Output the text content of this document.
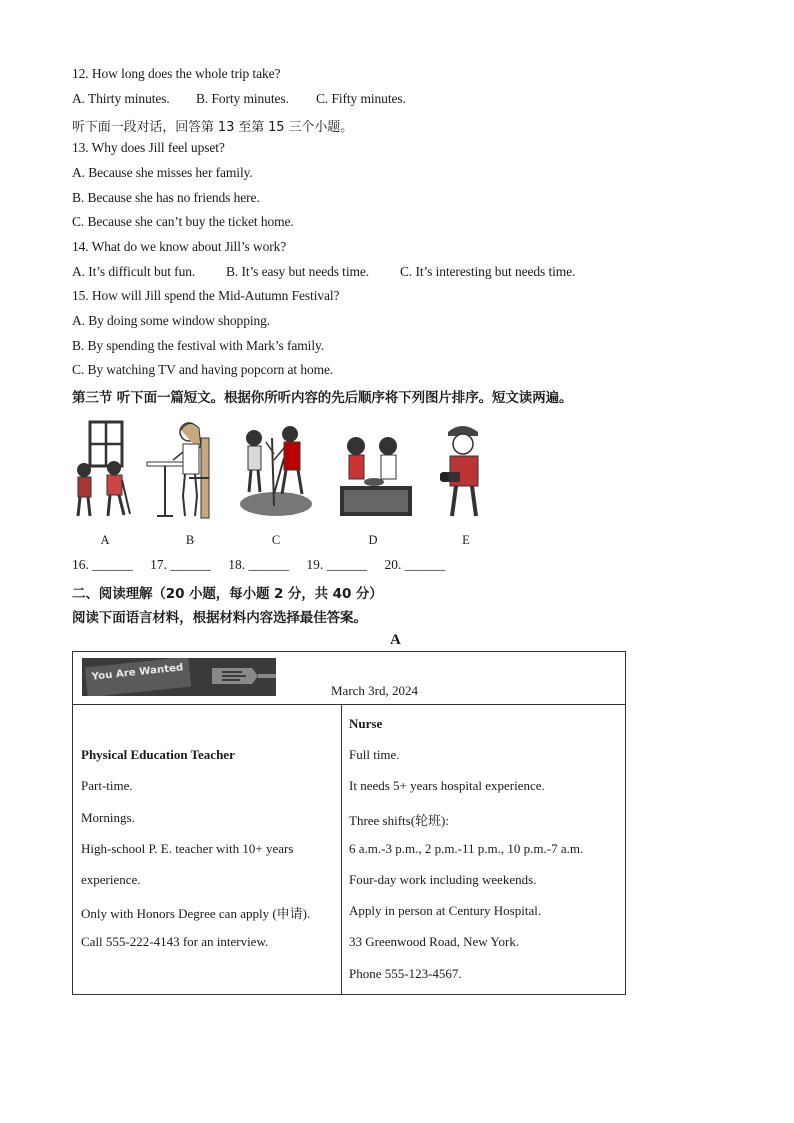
12. How long does the whole trip take?
A. Thirty minutes. B. Forty minutes. C. Fifty minutes.
听下面一段对话，回答第 13 至第 15 三个小题。
13. Why does Jill feel upset?
A. Because she misses her family.
B. Because she has no friends here.
C. Because she can’t buy the ticket home.
14. What do we know about Jill’s work?
A. It’s difficult but fun. B. It’s easy but needs time. C. It’s interesting but needs time.
15. How will Jill spend the Mid-Autumn Festival?
A. By doing some window shopping.
B. By spending the festival with Mark’s family.
C. By watching TV and having popcorn at home.
第三节 听下面一篇短文。根据你所听内容的先后顺序将下列图片排序。短文读两遍。
A	B	C	D	E
16. ______ 17. ______ 18. ______ 19. ______ 20. ______
二、阅读理解（20 小题，每小题 2 分，共 40 分）
阅读下面语言材料，根据材料内容选择最佳答案。
A
You Are Wanted
March 3rd, 2024
Physical Education Teacher
Part-time.
Mornings.
High-school P. E. teacher with 10+ years
experience.
Only with Honors Degree can apply (申请).
Call 555-222-4143 for an interview.
Nurse
Full time.
It needs 5+ years hospital experience.
Three shifts(轮班):
6 a.m.-3 p.m., 2 p.m.-11 p.m., 10 p.m.-7 a.m.
Four-day work including weekends.
Apply in person at Century Hospital.
33 Greenwood Road, New York.
Phone 555-123-4567.
